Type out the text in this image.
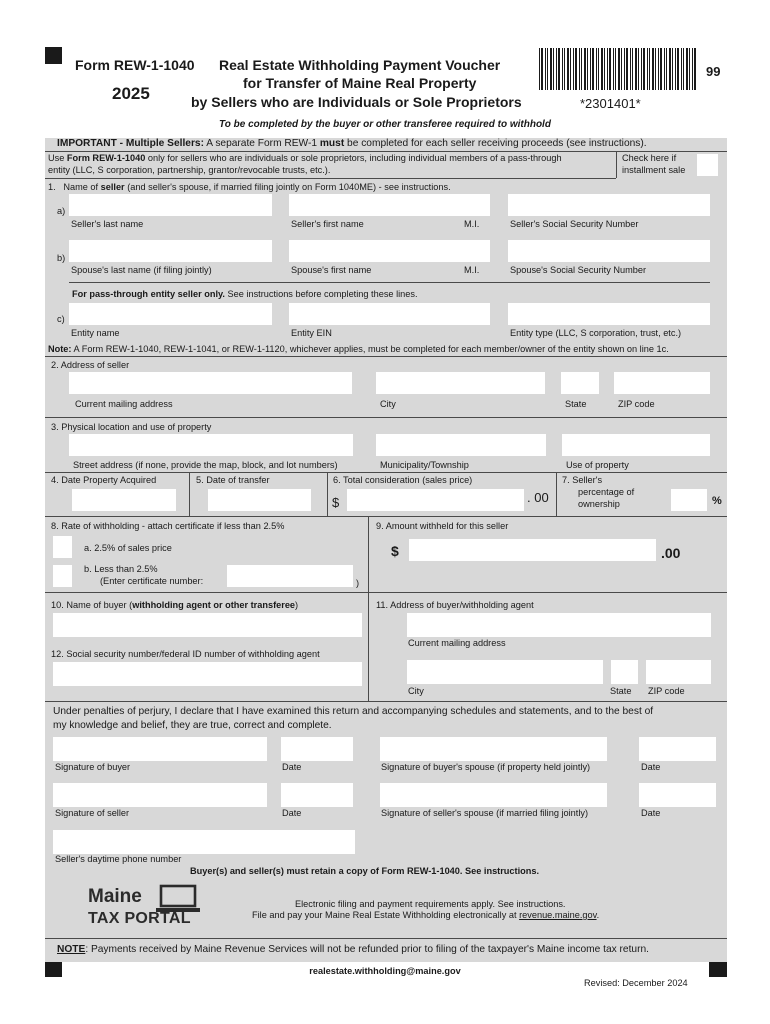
Form REW-1-1040
2025
Real Estate Withholding Payment Voucher
for Transfer of Maine Real Property
by Sellers who are Individuals or Sole Proprietors	*2301401*
99
To be completed by the buyer or other transferee required to withhold
IMPORTANT - Multiple Sellers: A separate Form REW-1 must be completed for each seller receiving proceeds (see instructions).
Use Form REW-1-1040 only for sellers who are individuals or sole proprietors, including individual members of a pass-through
entity (LLC, S corporation, partnership, grantor/revocable trusts, etc.).
Check here if
installment sale
1. Name of seller (and seller's spouse, if married filing jointly on Form 1040ME) - see instructions.
a)
Seller's last name	Seller's first name	M.I.	Seller's Social Security Number
b)
Spouse's last name (if filing jointly)	Spouse's first name	M.I.	Spouse's Social Security Number
For pass-through entity seller only. See instructions before completing these lines.
c)
Entity name	Entity EIN	Entity type (LLC, S corporation, trust, etc.)
Note: A Form REW-1-1040, REW-1-1041, or REW-1-1120, whichever applies, must be completed for each member/owner of the entity shown on line 1c.
2. Address of seller
Current mailing address	City	State	ZIP code
3. Physical location and use of property
Street address (if none, provide the map, block, and lot numbers)	Municipality/Township	Use of property
4. Date Property Acquired	5. Date of transfer	6. Total consideration (sales price)	7. Seller's
percentage of
ownership
$	. 00	%
8. Rate of withholding - attach certificate if less than 2.5%
a. 2.5% of sales price
b. Less than 2.5%
(Enter certificate number:	)
9. Amount withheld for this seller
$	.00
10. Name of buyer (withholding agent or other transferee)
12. Social security number/federal ID number of withholding agent
11. Address of buyer/withholding agent
Current mailing address
City	State ZIP code
Under penalties of perjury, I declare that I have examined this return and accompanying schedules and statements, and to the best of
my knowledge and belief, they are true, correct and complete.
Signature of buyer	Date	Signature of buyer's spouse (if property held jointly)	Date
Signature of seller	Date	Signature of seller's spouse (if married filing jointly)	Date
Seller's daytime phone number
Buyer(s) and seller(s) must retain a copy of Form REW-1-1040. See instructions.
Maine
TAX PORTAL
Electronic filing and payment requirements apply. See instructions.
File and pay your Maine Real Estate Withholding electronically at revenue.maine.gov.
NOTE: Payments received by Maine Revenue Services will not be refunded prior to filing of the taxpayer's Maine income tax return.
realestate.withholding@maine.gov
Revised: December 2024
